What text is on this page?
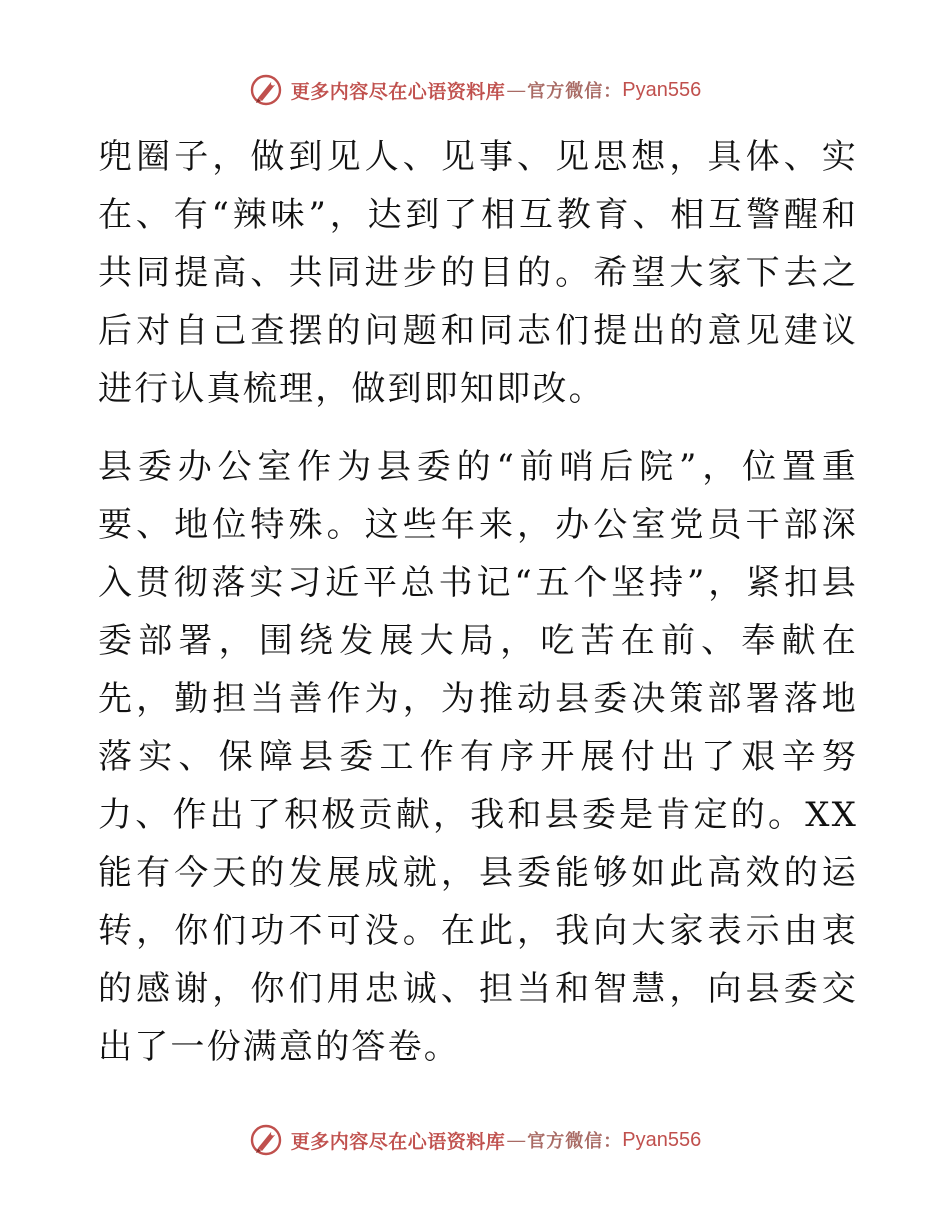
更多内容尽在心语资料库 — 官方微信： Pyan556

兜圈子，做到见人、见事、见思想，具体、实在、有“辣味”，达到了相互教育、相互警醒和共同提高、共同进步的目的。希望大家下去之后对自己查摆的问题和同志们提出的意见建议进行认真梳理，做到即知即改。

县委办公室作为县委的“前哨后院”，位置重要、地位特殊。这些年来，办公室党员干部深入贯彻落实习近平总书记“五个坚持”，紧扣县委部署，围绕发展大局，吃苦在前、奉献在先，勤担当善作为，为推动县委决策部署落地落实、保障县委工作有序开展付出了艰辛努力、作出了积极贡献，我和县委是肯定的。XX能有今天的发展成就，县委能够如此高效的运转，你们功不可没。在此，我向大家表示由衷的感谢，你们用忠诚、担当和智慧，向县委交出了一份满意的答卷。

更多内容尽在心语资料库 — 官方微信： Pyan556
